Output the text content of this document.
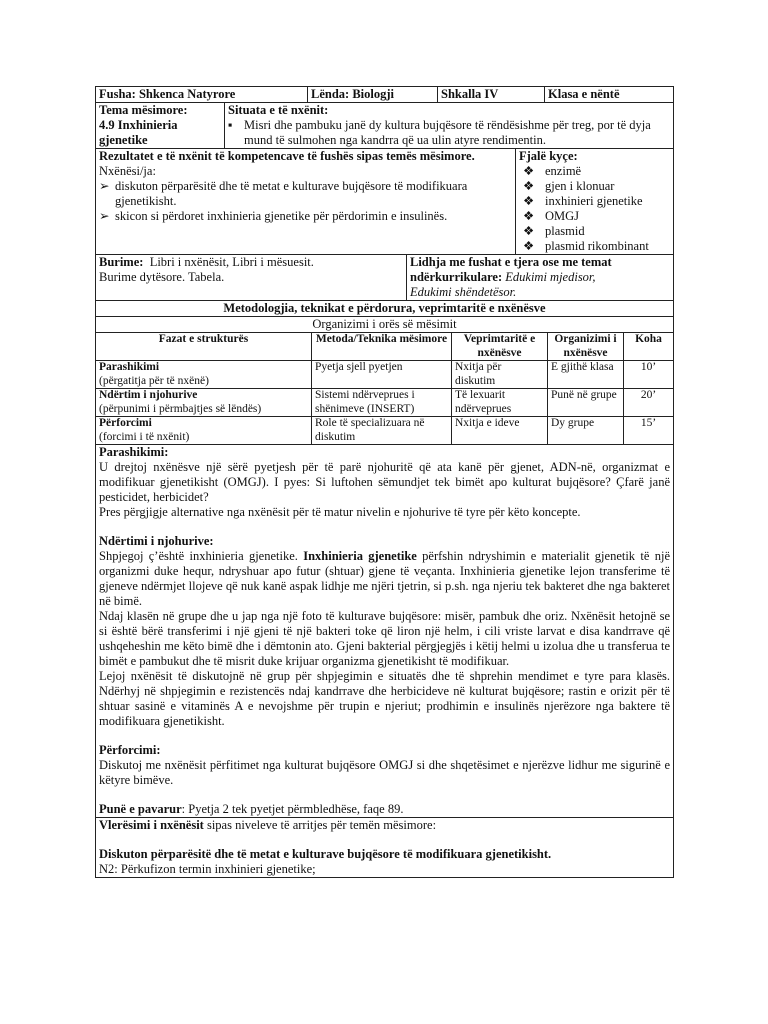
Fusha: Shkenca Natyrore	Lënda: Biologji	Shkalla IV	Klasa e nëntë
Tema mësimore:
4.9 Inxhinieria gjenetike

Situata e të nxënit:
▪ Misri dhe pambuku janë dy kultura bujqësore të rëndësishme për treg, por të dyja mund të sulmohen nga kandrra që ua ulin atyre rendimentin.
Rezultatet e të nxënit të kompetencave të fushës sipas temës mësimore.
Nxënësi/ja:
➢ diskuton përparësitë dhe të metat e kulturave bujqësore të modifikuara gjenetikisht.
➢ skicon si përdoret inxhinieria gjenetike për përdorimin e insulinës.

Fjalë kyçe:
❖ enzimë
❖ gjen i klonuar
❖ inxhinieri gjenetike
❖ OMGJ
❖ plasmid
❖ plasmid rikombinant
Burime: Libri i nxënësit, Libri i mësuesit.
Burime dytësore. Tabela.
	Lidhja me fushat e tjera ose me temat ndërkurrikulare: Edukimi mjedisor,
Edukimi shëndetësor.
Metodologjia, teknikat e përdorura, veprimtaritë e nxënësve				
Organizimi i orës së mësimit				
Fazat e strukturës	Metoda/Teknika mësimore	Veprimtaritë e nxënësve	Organizimi i nxënësve	Koha

Parashikimi
(përgatitja për të nxënë)	Pyetja sjell pyetjen	Nxitja për diskutim	E gjithë klasa	10’

Ndërtim i njohurive
(përpunimi i përmbajtjes së lëndës)	Sistemi ndërveprues i shënimeve (INSERT)	Të lexuarit ndërveprues	Punë në grupe	20’

Përforcimi
(forcimi i të nxënit)	Role të specializuara në diskutim	Nxitja e ideve	Dy grupe	15’
Parashikimi:

U drejtoj nxënësve një sërë pyetjesh për të parë njohuritë që ata kanë për gjenet, ADN-në, organizmat e modifikuar gjenetikisht (OMGJ). I pyes: Si luftohen sëmundjet tek bimët apo kulturat bujqësore? Çfarë janë pesticidet, herbicidet?

Pres përgjigje alternative nga nxënësit për të matur nivelin e njohurive të tyre për këto koncepte.

Ndërtimi i njohurive:

Shpjegoj ç’është inxhinieria gjenetike. Inxhinieria gjenetike përfshin ndryshimin e materialit gjenetik të një organizmi duke hequr, ndryshuar apo futur (shtuar) gjene të veçanta. Inxhinieria gjenetike lejon transferime të gjeneve ndërmjet llojeve që nuk kanë aspak lidhje me njëri tjetrin, si p.sh. nga njeriu tek bakteret dhe nga bakteret në bimë.

Ndaj klasën në grupe dhe u jap nga një foto të kulturave bujqësore: misër, pambuk dhe oriz. Nxënësit hetojnë se si është bërë transferimi i një gjeni të një bakteri toke që liron një helm, i cili vriste larvat e disa kandrrave që ushqeheshin me këto bimë dhe i dëmtonin ato. Gjeni bakterial përgjegjës i këtij helmi u izolua dhe u transferua te bimët e pambukut dhe të misrit duke krijuar organizma gjenetikisht të modifikuar.

Lejoj nxënësit të diskutojnë në grup për shpjegimin e situatës dhe të shprehin mendimet e tyre para klasës. Ndërhyj në shpjegimin e rezistencës ndaj kandrrave dhe herbicideve në kulturat bujqësore; rastin e orizit për të shtuar sasinë e vitaminës A e nevojshme për trupin e njeriut; prodhimin e insulinës njerëzore nga baktere të modifikuara gjenetikisht.

Përforcimi:

Diskutoj me nxënësit përfitimet nga kulturat bujqësore OMGJ si dhe shqetësimet e njerëzve lidhur me sigurinë e këtyre bimëve.

Punë e pavarur: Pyetja 2 tek pyetjet përmbledhëse, faqe 89.

Vlerësimi i nxënësit sipas niveleve të arritjes për temën mësimore:
Diskuton përparësitë dhe të metat e kulturave bujqësore të modifikuara gjenetikisht.
N2: Përkufizon termin inxhinieri gjenetike;
